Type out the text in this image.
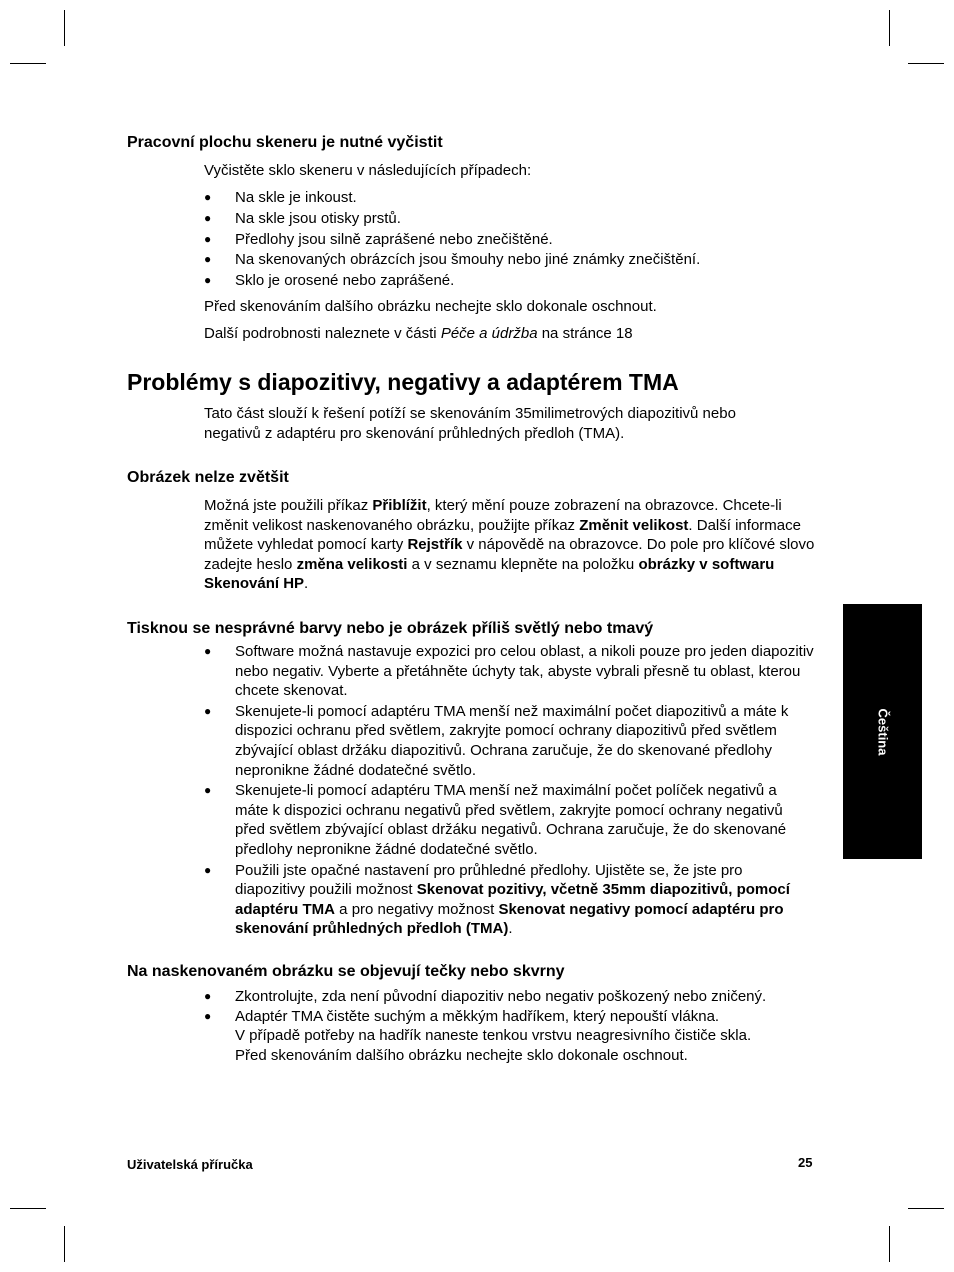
Pracovní plochu skeneru je nutné vyčistit
Vyčistěte sklo skeneru v následujících případech:
● Na skle je inkoust.
● Na skle jsou otisky prstů.
● Předlohy jsou silně zaprášené nebo znečištěné.
● Na skenovaných obrázcích jsou šmouhy nebo jiné známky znečištění.
● Sklo je orosené nebo zaprášené.
Před skenováním dalšího obrázku nechejte sklo dokonale oschnout.
Další podrobnosti naleznete v části Péče a údržba na stránce 18
Problémy s diapozitivy, negativy a adaptérem TMA
Tato část slouží k řešení potíží se skenováním 35milimetrových diapozitivů nebo negativů z adaptéru pro skenování průhledných předloh (TMA).
Obrázek nelze zvětšit
Možná jste použili příkaz Přiblížit, který mění pouze zobrazení na obrazovce. Chcete-li změnit velikost naskenovaného obrázku, použijte příkaz Změnit velikost. Další informace můžete vyhledat pomocí karty Rejstřík v nápovědě na obrazovce. Do pole pro klíčové slovo zadejte heslo změna velikosti a v seznamu klepněte na položku obrázky v softwaru Skenování HP.
Tisknou se nesprávné barvy nebo je obrázek příliš světlý nebo tmavý
● Software možná nastavuje expozici pro celou oblast, a nikoli pouze pro jeden diapozitiv nebo negativ. Vyberte a přetáhněte úchyty tak, abyste vybrali přesně tu oblast, kterou chcete skenovat.
● Skenujete-li pomocí adaptéru TMA menší než maximální počet diapozitivů a máte k dispozici ochranu před světlem, zakryjte pomocí ochrany diapozitivů před světlem zbývající oblast držáku diapozitivů. Ochrana zaručuje, že do skenované předlohy nepronikne žádné dodatečné světlo.
● Skenujete-li pomocí adaptéru TMA menší než maximální počet políček negativů a máte k dispozici ochranu negativů před světlem, zakryjte pomocí ochrany negativů před světlem zbývající oblast držáku negativů. Ochrana zaručuje, že do skenované předlohy nepronikne žádné dodatečné světlo.
● Použili jste opačné nastavení pro průhledné předlohy. Ujistěte se, že jste pro diapozitivy použili možnost Skenovat pozitivy, včetně 35mm diapozitivů, pomocí adaptéru TMA a pro negativy možnost Skenovat negativy pomocí adaptéru pro skenování průhledných předloh (TMA).
Na naskenovaném obrázku se objevují tečky nebo skvrny
● Zkontrolujte, zda není původní diapozitiv nebo negativ poškozený nebo zničený.
● Adaptér TMA čistěte suchým a měkkým hadříkem, který nepouští vlákna.
V případě potřeby na hadřík naneste tenkou vrstvu neagresivního čističe skla.
Před skenováním dalšího obrázku nechejte sklo dokonale oschnout.
Čeština
Uživatelská příručka	25
